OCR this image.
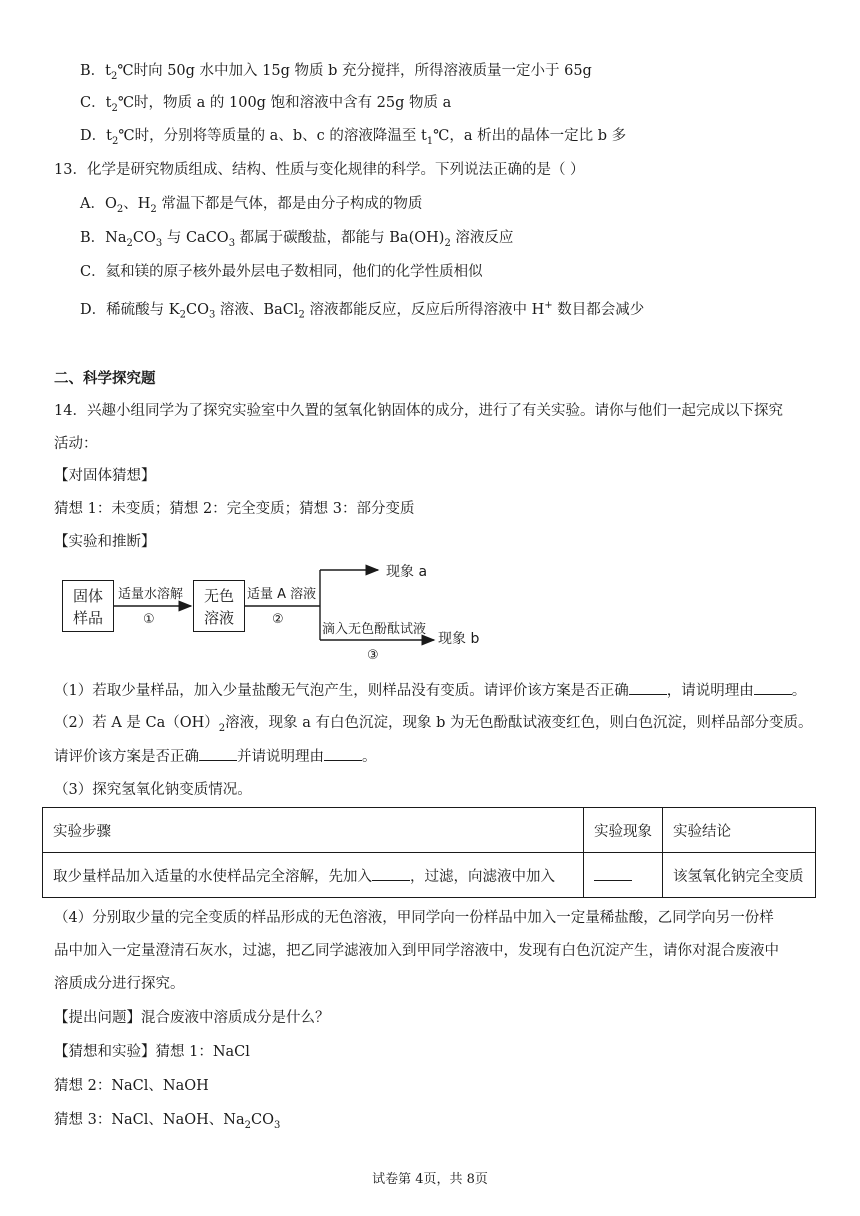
B．$t_2℃$时向 50g 水中加入 15g 物质 b 充分搅拌，所得溶液质量一定小于 65g
C．$t_2℃$时，物质 a 的 100g 饱和溶液中含有 25g 物质 a
D．$t_2℃$时，分别将等质量的 a、b、c 的溶液降温至 $t_1℃$，a 析出的晶体一定比 b 多
13．化学是研究物质组成、结构、性质与变化规律的科学。下列说法正确的是（ ）
A．$O_2$、$H_2$ 常温下都是气体，都是由分子构成的物质
B．$Na_2CO_3$ 与 CaCO$_3$ 都属于碳酸盐，都能与 $Ba(OH)_2$ 溶液反应
C．氦和镁的原子核外最外层电子数相同，他们的化学性质相似
D．稀硫酸与 $K_2CO_3$ 溶液、BaCl$_2$ 溶液都能反应，反应后所得溶液中 H+ 数目都会减少
二、科学探究题
14．兴趣小组同学为了探究实验室中久置的氢氧化钠固体的成分，进行了有关实验。请你与他们一起完成以下探究
活动：
【对固体猜想】
猜想 1：未变质；猜想 2：完全变质；猜想 3：部分变质
【实验和推断】
固体
样品
无色
溶液
适量水溶解
①
适量 A 溶液
②
现象 a
滴入无色酚酞试液
③
现象 b
（1）若取少量样品，加入少量盐酸无气泡产生，则样品没有变质。请评价该方案是否正确	，请说明理由	。
（2）若 A 是 $Ca(OH)_2$溶液，现象 a 有白色沉淀，现象 b 为无色酚酞试液变红色，则白色沉淀，则样品部分变质。
请评价该方案是否正确	并请说明理由	。
（3）探究氢氧化钠变质情况。
实验步骤	实验现象	实验结论
取少量样品加入适量的水使样品完全溶解，先加入 ，过滤，向滤液中加入		该氢氧化钠完全变质
（4）分别取少量的完全变质的样品形成的无色溶液，甲同学向一份样品中加入一定量稀盐酸，乙同学向另一份样
品中加入一定量澄清石灰水，过滤，把乙同学滤液加入到甲同学溶液中，发现有白色沉淀产生，请你对混合废液中
溶质成分进行探究。
【提出问题】混合废液中溶质成分是什么？
【猜想和实验】猜想 1：NaCl
猜想 2：NaCl、NaOH
猜想 3：NaCl、NaOH、$Na_2CO_3$
试卷第 4页，共 8页
